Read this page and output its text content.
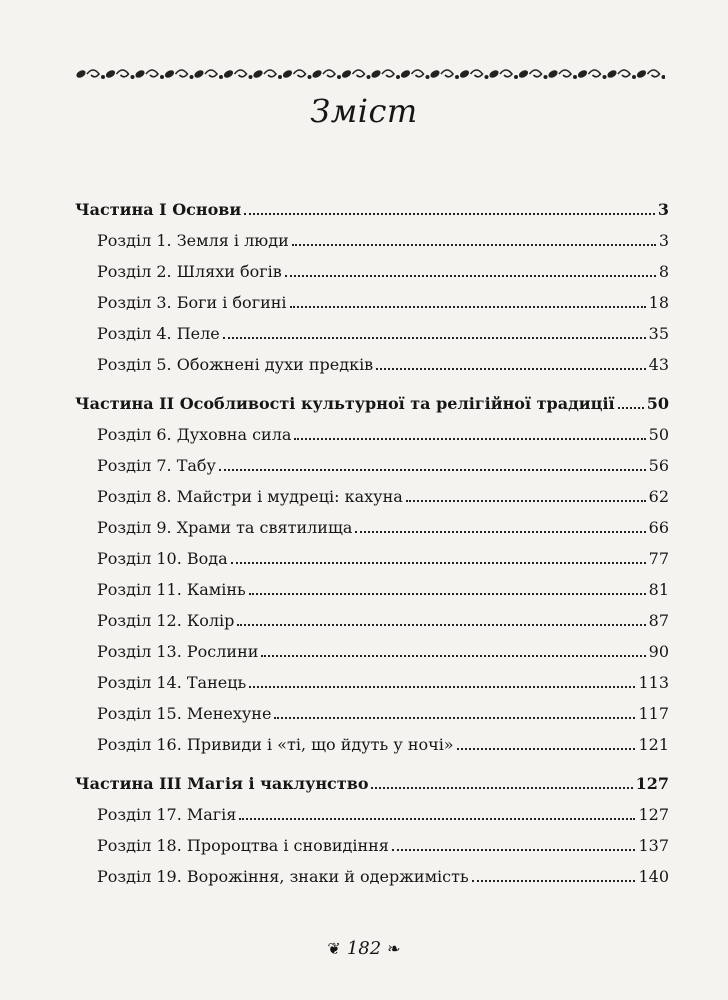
Зміст
Частина І Основи	3
Розділ 1. Земля і люди	3
Розділ 2. Шляхи богів	8
Розділ 3. Боги і богині	18
Розділ 4. Пеле	35
Розділ 5. Обожнені духи предків	43
Частина ІІ Особливості культурної та релігійної традиції 50
Розділ 6. Духовна сила	50
Розділ 7. Табу	56
Розділ 8. Майстри і мудреці: кахуна	62
Розділ 9. Храми та святилища	66
Розділ 10. Вода	77
Розділ 11. Камінь	81
Розділ 12. Колір	87
Розділ 13. Рослини	90
Розділ 14. Танець	113
Розділ 15. Менехуне	117
Розділ 16. Привиди і «ті, що йдуть у ночі»	121
Частина ІІІ Магія і чаклунство	127
Розділ 17. Магія	127
Розділ 18. Пророцтва і сновидіння	137
Розділ 19. Ворожіння, знаки й одержимість	140
❦ 182 ❧
